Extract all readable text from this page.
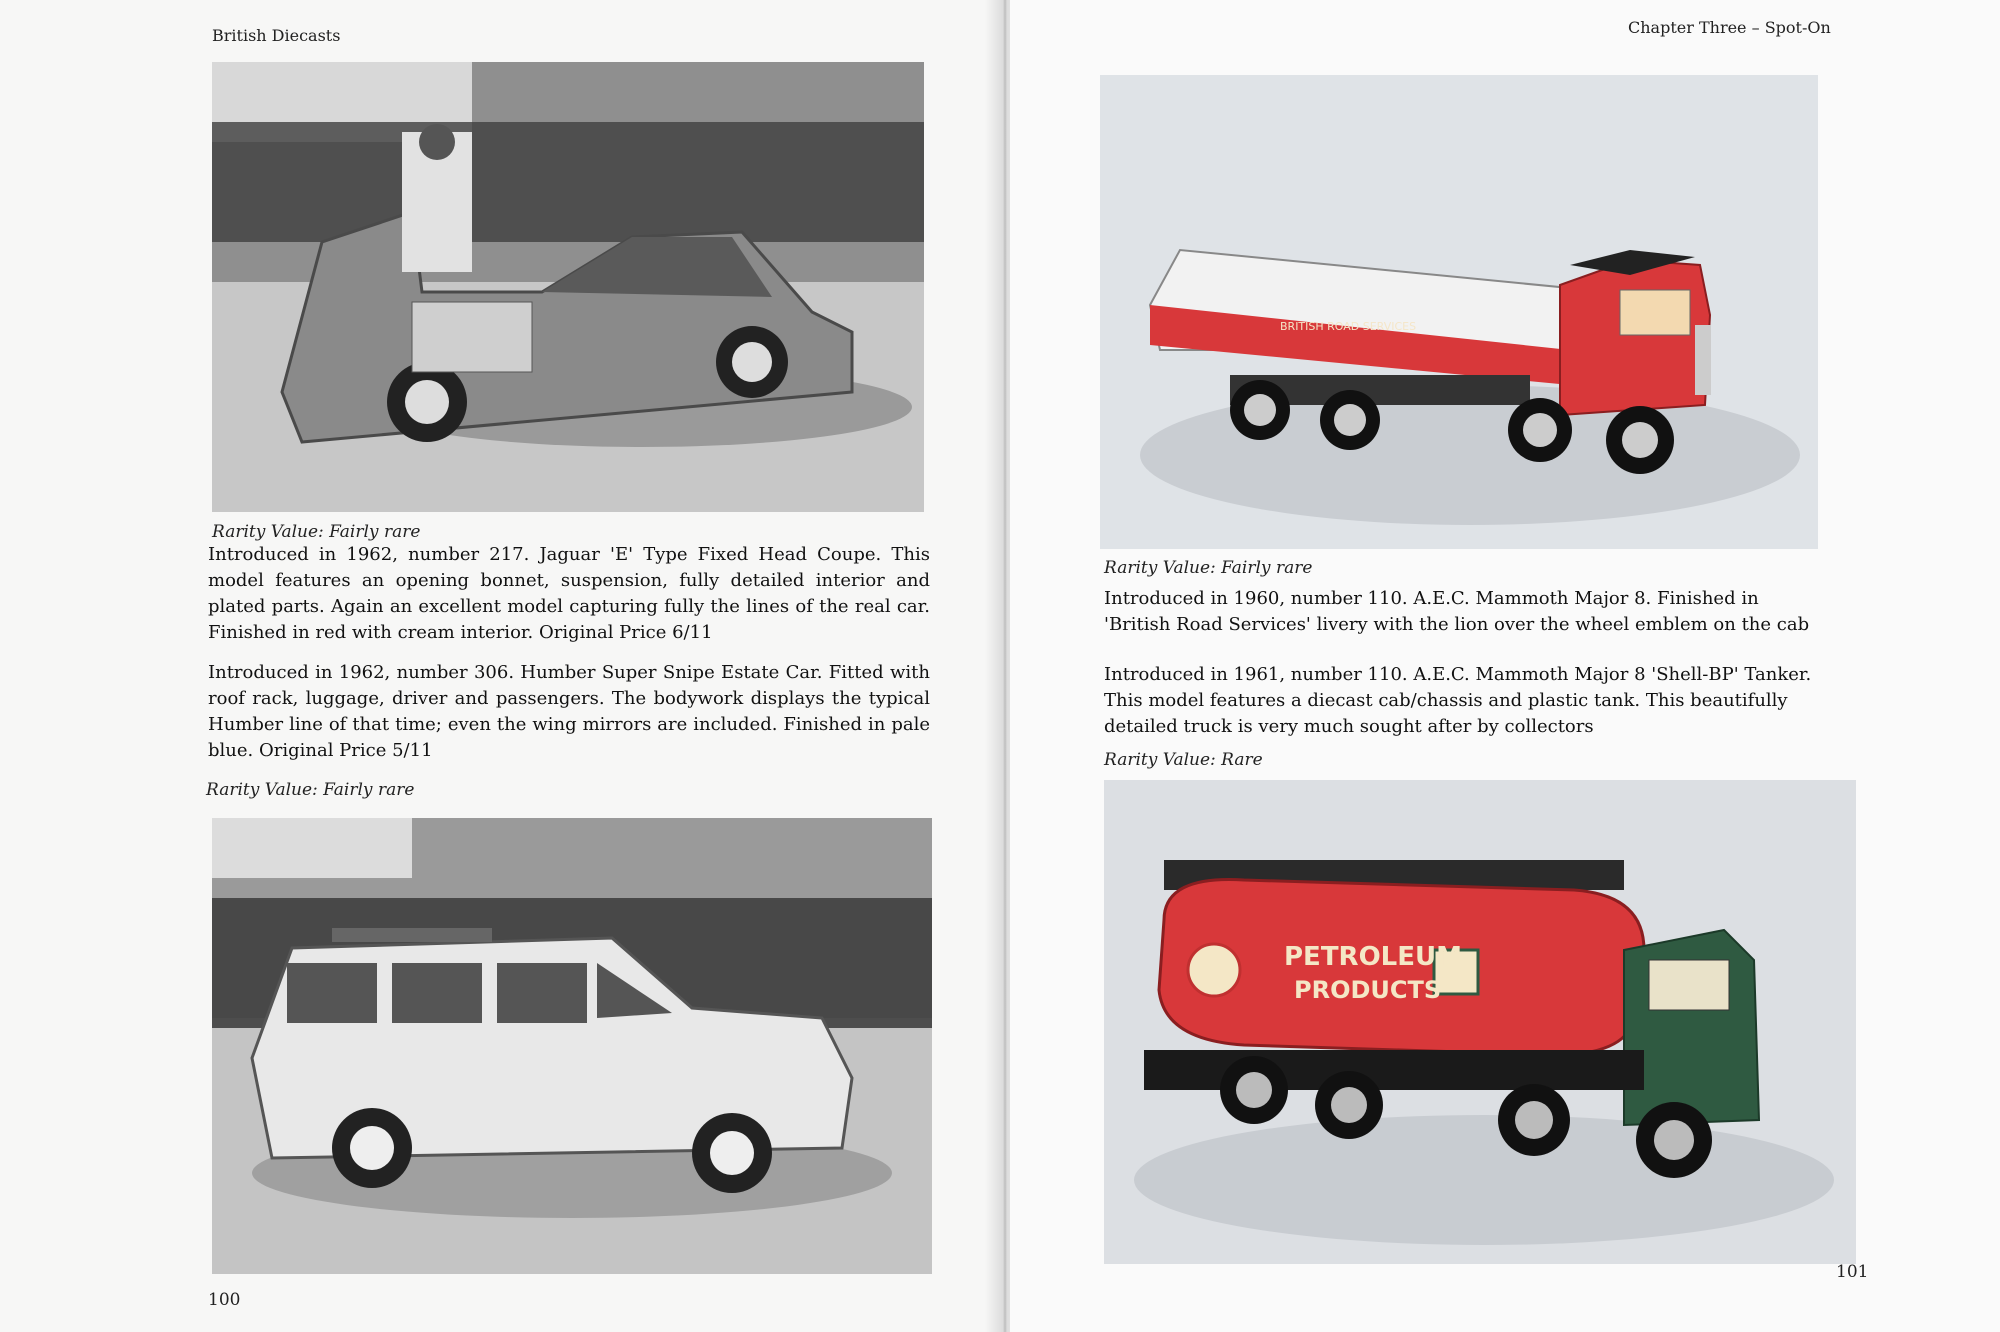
British Diecasts
Rarity Value: Fairly rare
Introduced in 1962, number 217. Jaguar 'E' Type Fixed Head Coupe. This model features an opening bonnet, suspension, fully detailed interior and plated parts. Again an excellent model capturing fully the lines of the real car. Finished in red with cream interior. Original Price 6/11
Introduced in 1962, number 306. Humber Super Snipe Estate Car. Fitted with roof rack, luggage, driver and passengers. The bodywork displays the typical Humber line of that time; even the wing mirrors are included. Finished in pale blue. Original Price 5/11
Rarity Value: Fairly rare
100
Chapter Three – Spot-On
BRITISH ROAD SERVICES
Rarity Value: Fairly rare
Introduced in 1960, number 110. A.E.C. Mammoth Major 8. Finished in 'British Road Services' livery with the lion over the wheel emblem on the cab
Introduced in 1961, number 110. A.E.C. Mammoth Major 8 'Shell-BP' Tanker. This model features a diecast cab/chassis and plastic tank. This beautifully detailed truck is very much sought after by collectors
Rarity Value: Rare
PETROLEUM
PRODUCTS
101
